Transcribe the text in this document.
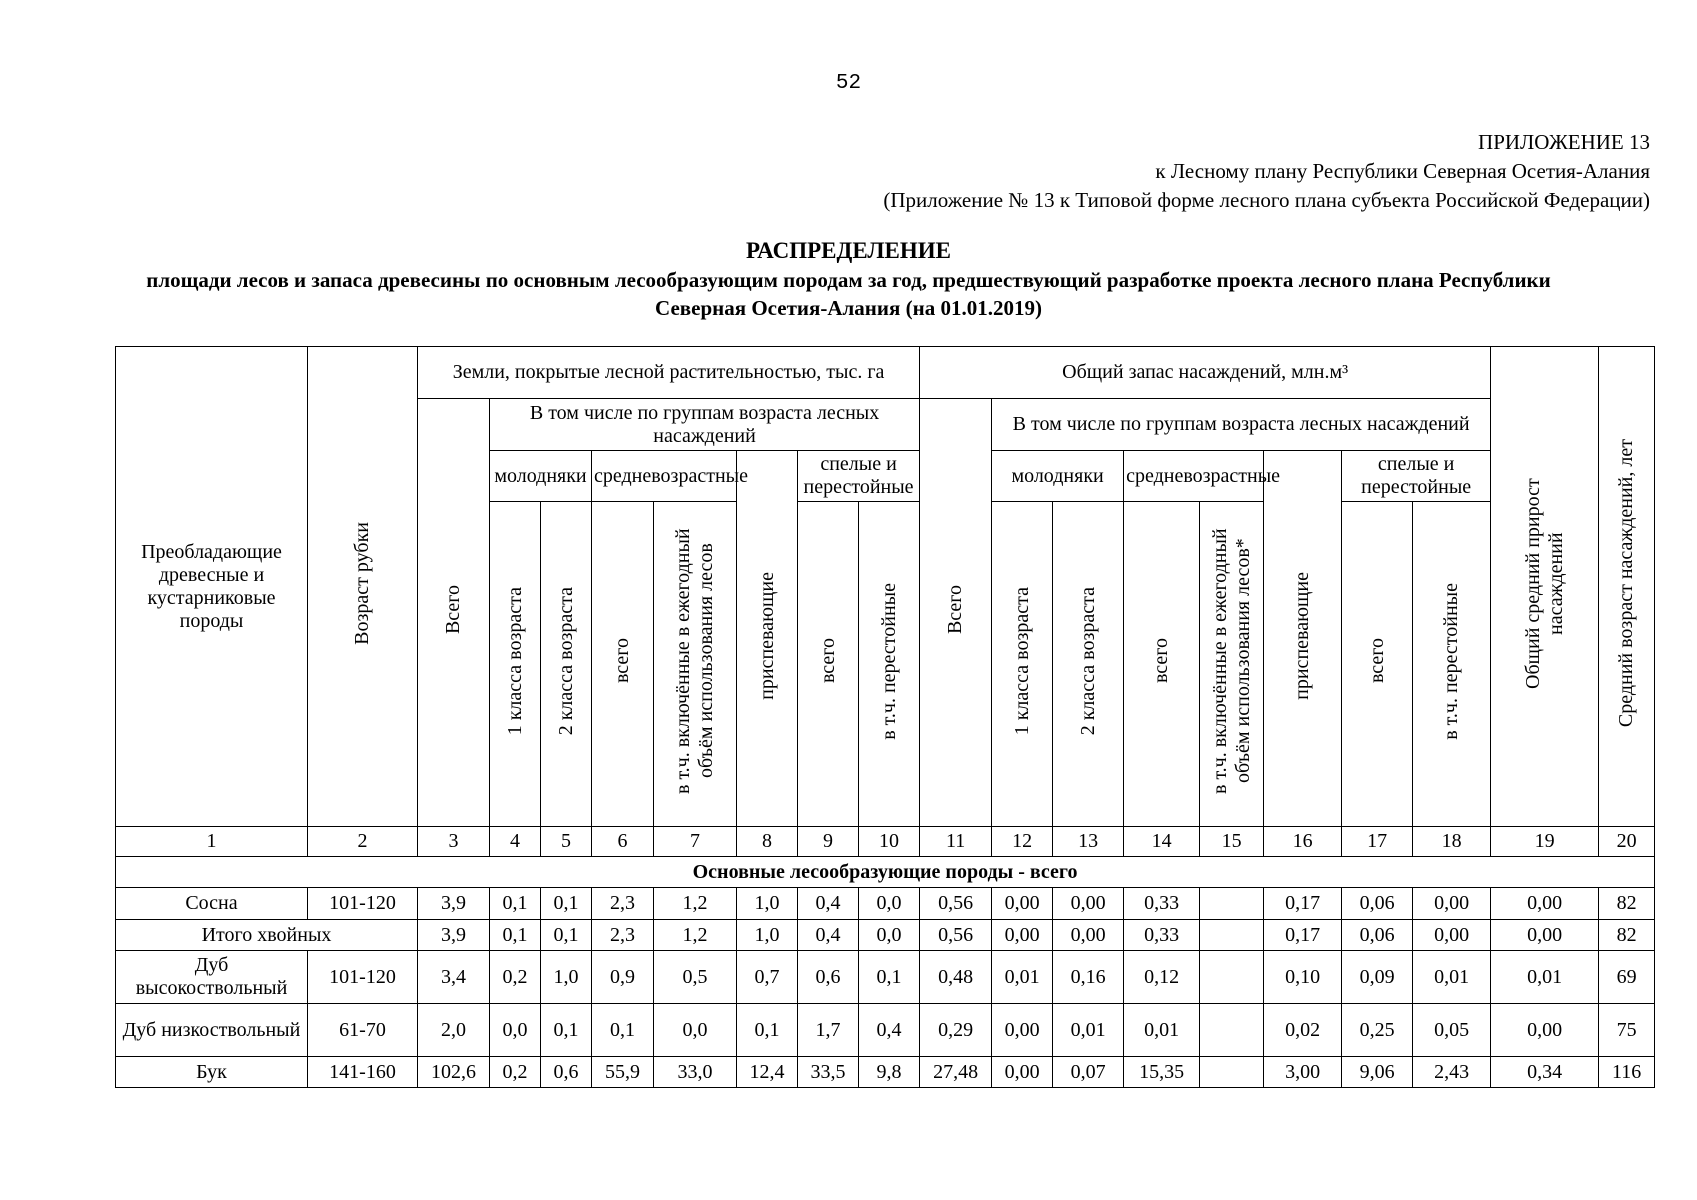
52
ПРИЛОЖЕНИЕ 13
к Лесному плану Республики Северная Осетия-Алания
(Приложение № 13 к Типовой форме лесного плана субъекта Российской Федерации)
РАСПРЕДЕЛЕНИЕ
площади лесов и запаса древесины по основным лесообразующим породам за год, предшествующий разработке проекта лесного плана Республики Северная Осетия-Алания (на 01.01.2019)
Преобладающие древесные и кустарниковые породы	Возраст рубки	Земли, покрытые лесной растительностью, тыс. га								Общий запас насаждений, млн.м³								Общий средний прирост насаждений	Средний возраст насаждений, лет
		Всего	В том числе по группам возраста лесных насаждений							Всего	В том числе по группам возраста лесных насаждений								
			молодняки		средневозрастные		приспевающие	спелые и перестойные			молодняки		средневозрастные		приспевающие	спелые и перестойные			
			1 класса возраста	2 класса возраста	всего	в т.ч. включённые в ежегодный объём использования лесов		всего	в т.ч. перестойные		1 класса возраста	2 класса возраста	всего	в т.ч. включённые в ежегодный объём использования лесов*		всего	в т.ч. перестойные		
1	2	3	4	5	6	7	8	9	10	11	12	13	14	15	16	17	18	19	20
Основные лесообразующие породы - всего																			
Сосна	101-120	3,9	0,1	0,1	2,3	1,2	1,0	0,4	0,0	0,56	0,00	0,00	0,33		0,17	0,06	0,00	0,00	82
Итого хвойных		3,9	0,1	0,1	2,3	1,2	1,0	0,4	0,0	0,56	0,00	0,00	0,33		0,17	0,06	0,00	0,00	82
Дуб высокоствольный	101-120	3,4	0,2	1,0	0,9	0,5	0,7	0,6	0,1	0,48	0,01	0,16	0,12		0,10	0,09	0,01	0,01	69
Дуб низкоствольный	61-70	2,0	0,0	0,1	0,1	0,0	0,1	1,7	0,4	0,29	0,00	0,01	0,01		0,02	0,25	0,05	0,00	75
Бук	141-160	102,6	0,2	0,6	55,9	33,0	12,4	33,5	9,8	27,48	0,00	0,07	15,35		3,00	9,06	2,43	0,34	116
